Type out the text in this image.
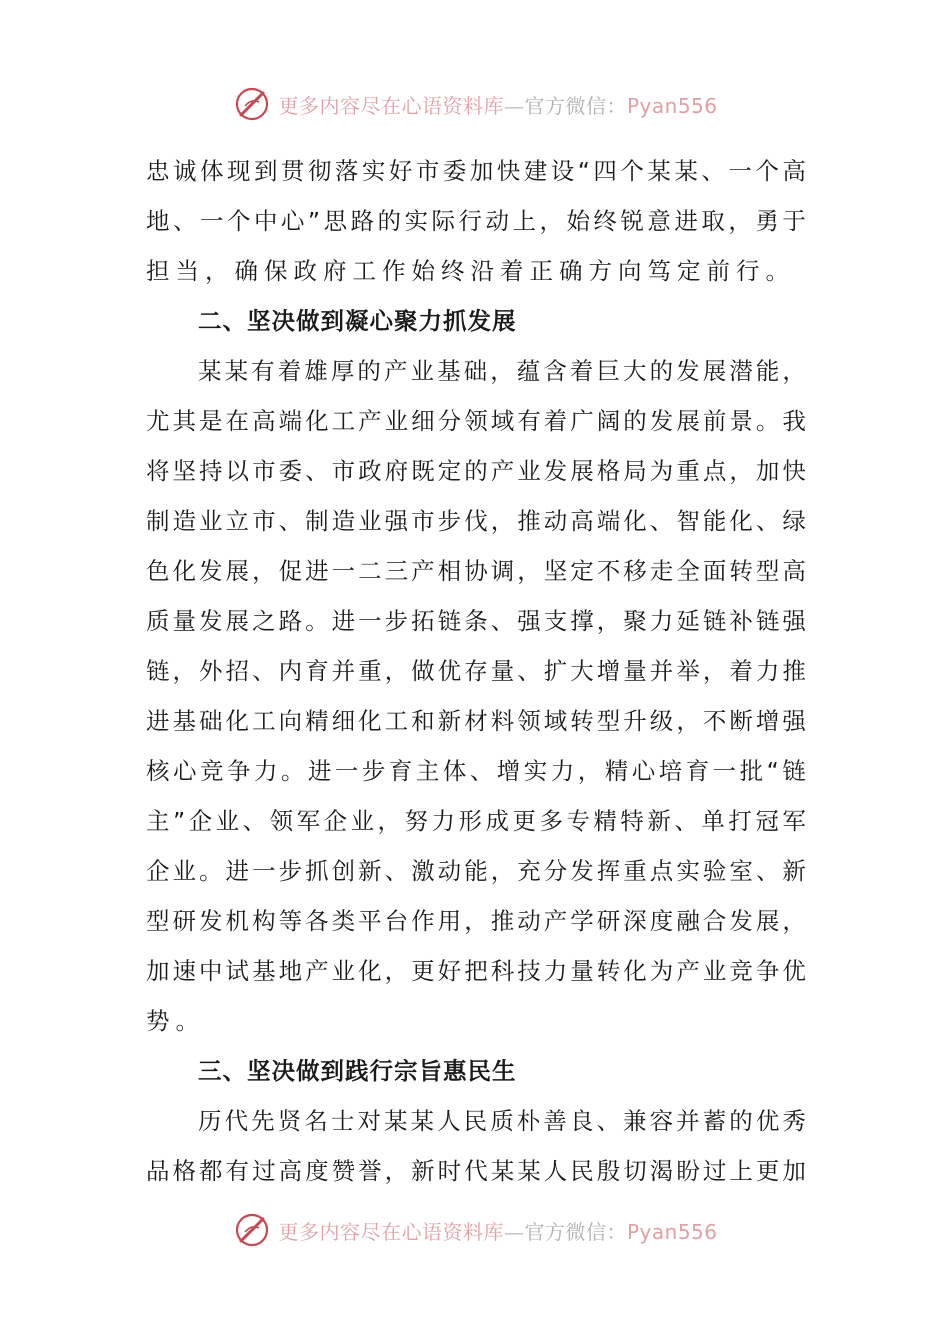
更多内容尽在心语资料库—官方微信：Pyan556
忠 诚 体 现 到 贯 彻 落 实 好 市 委 加 快 建 设 “ 四 个 某 某 、 一 个 高
地 、 一 个 中 心 ” 思 路 的 实 际 行 动 上 ， 始 终 锐 意 进 取 ， 勇 于
担当，确保政府工作始终沿着正确方向笃定前行。
二、坚决做到凝心聚力抓发展
某 某 有 着 雄 厚 的 产 业 基 础 ， 蕴 含 着 巨 大 的 发 展 潜 能 ，
尤 其 是 在 高 端 化 工 产 业 细 分 领 域 有 着 广 阔 的 发 展 前 景 。 我
将 坚 持 以 市 委 、 市 政 府 既 定 的 产 业 发 展 格 局 为 重 点 ， 加 快
制 造 业 立 市 、 制 造 业 强 市 步 伐 ， 推 动 高 端 化 、 智 能 化 、 绿
色 化 发 展 ， 促 进 一 二 三 产 相 协 调 ， 坚 定 不 移 走 全 面 转 型 高
质 量 发 展 之 路 。 进 一 步 拓 链 条 、 强 支 撑 ， 聚 力 延 链 补 链 强
链 ， 外 招 、 内 育 并 重 ， 做 优 存 量 、 扩 大 增 量 并 举 ， 着 力 推
进 基 础 化 工 向 精 细 化 工 和 新 材 料 领 域 转 型 升 级 ， 不 断 增 强
核 心 竞 争 力 。 进 一 步 育 主 体 、 增 实 力 ， 精 心 培 育 一 批 “ 链
主 ” 企 业 、 领 军 企 业 ， 努 力 形 成 更 多 专 精 特 新 、 单 打 冠 军
企 业 。 进 一 步 抓 创 新 、 激 动 能 ， 充 分 发 挥 重 点 实 验 室 、 新
型 研 发 机 构 等 各 类 平 台 作 用 ， 推 动 产 学 研 深 度 融 合 发 展 ，
加 速 中 试 基 地 产 业 化 ， 更 好 把 科 技 力 量 转 化 为 产 业 竞 争 优
势。
三、坚决做到践行宗旨惠民生
历 代 先 贤 名 士 对 某 某 人 民 质 朴 善 良 、 兼 容 并 蓄 的 优 秀
品 格 都 有 过 高 度 赞 誉 ， 新 时 代 某 某 人 民 殷 切 渴 盼 过 上 更 加
更多内容尽在心语资料库—官方微信：Pyan556
